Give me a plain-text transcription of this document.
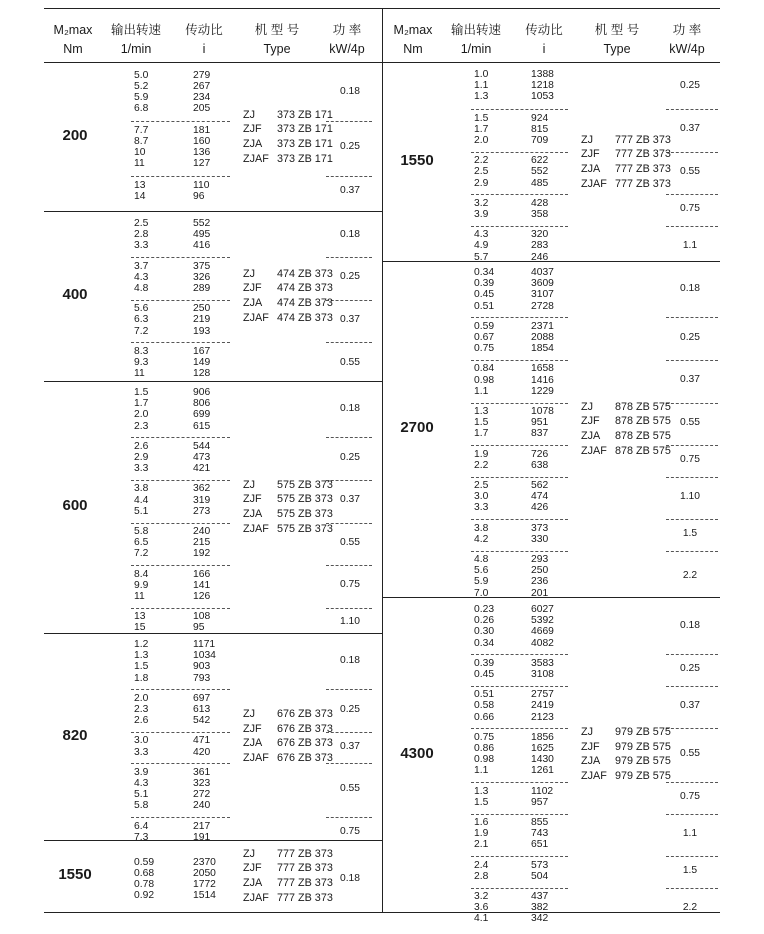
M₂max
Nm
输出转速
1/min
传动比
i
机 型 号
Type
功 率
kW/4p
M₂max
Nm
输出转速
1/min
传动比
i
机 型 号
Type
功 率
kW/4p
200
5.0
5.2
5.9
6.8
279
267
234
205
0.18
7.7
8.7
10
11
181
160
136
127
0.25
13
14
110
96
0.37
ZJ 373 ZB 171
ZJF 373 ZB 171
ZJA 373 ZB 171
ZJAF 373 ZB 171
400
2.5
2.8
3.3
552
495
416
0.18
3.7
4.3
4.8
375
326
289
0.25
5.6
6.3
7.2
250
219
193
0.37
8.3
9.3
11
167
149
128
0.55
ZJ 474 ZB 373
ZJF 474 ZB 373
ZJA 474 ZB 373
ZJAF 474 ZB 373
600
1.5
1.7
2.0
2.3
906
806
699
615
0.18
2.6
2.9
3.3
544
473
421
0.25
3.8
4.4
5.1
362
319
273
0.37
5.8
6.5
7.2
240
215
192
0.55
8.4
9.9
11
166
141
126
0.75
13
15
108
95
1.10
ZJ 575 ZB 373
ZJF 575 ZB 373
ZJA 575 ZB 373
ZJAF 575 ZB 373
820
1.2
1.3
1.5
1.8
1171
1034
903
793
0.18
2.0
2.3
2.6
697
613
542
0.25
3.0
3.3
471
420
0.37
3.9
4.3
5.1
5.8
361
323
272
240
0.55
6.4
7.3
217
191
0.75
ZJ 676 ZB 373
ZJF 676 ZB 373
ZJA 676 ZB 373
ZJAF 676 ZB 373
1550
0.59
0.68
0.78
0.92
2370
2050
1772
1514
0.18
ZJ 777 ZB 373
ZJF 777 ZB 373
ZJA 777 ZB 373
ZJAF 777 ZB 373
1550
1.0
1.1
1.3
1388
1218
1053
0.25
1.5
1.7
2.0
924
815
709
0.37
2.2
2.5
2.9
622
552
485
0.55
3.2
3.9
428
358
0.75
4.3
4.9
5.7
320
283
246
1.1
ZJ 777 ZB 373
ZJF 777 ZB 373
ZJA 777 ZB 373
ZJAF 777 ZB 373
2700
0.34
0.39
0.45
0.51
4037
3609
3107
2728
0.18
0.59
0.67
0.75
2371
2088
1854
0.25
0.84
0.98
1.1
1658
1416
1229
0.37
1.3
1.5
1.7
1078
951
837
0.55
1.9
2.2
726
638
0.75
2.5
3.0
3.3
562
474
426
1.10
3.8
4.2
373
330
1.5
4.8
5.6
5.9
7.0
293
250
236
201
2.2
ZJ 878 ZB 575
ZJF 878 ZB 575
ZJA 878 ZB 575
ZJAF 878 ZB 575
4300
0.23
0.26
0.30
0.34
6027
5392
4669
4082
0.18
0.39
0.45
3583
3108
0.25
0.51
0.58
0.66
2757
2419
2123
0.37
0.75
0.86
0.98
1.1
1856
1625
1430
1261
0.55
1.3
1.5
1102
957
0.75
1.6
1.9
2.1
855
743
651
1.1
2.4
2.8
573
504
1.5
3.2
3.6
4.1
437
382
342
2.2
ZJ 979 ZB 575
ZJF 979 ZB 575
ZJA 979 ZB 575
ZJAF 979 ZB 575
